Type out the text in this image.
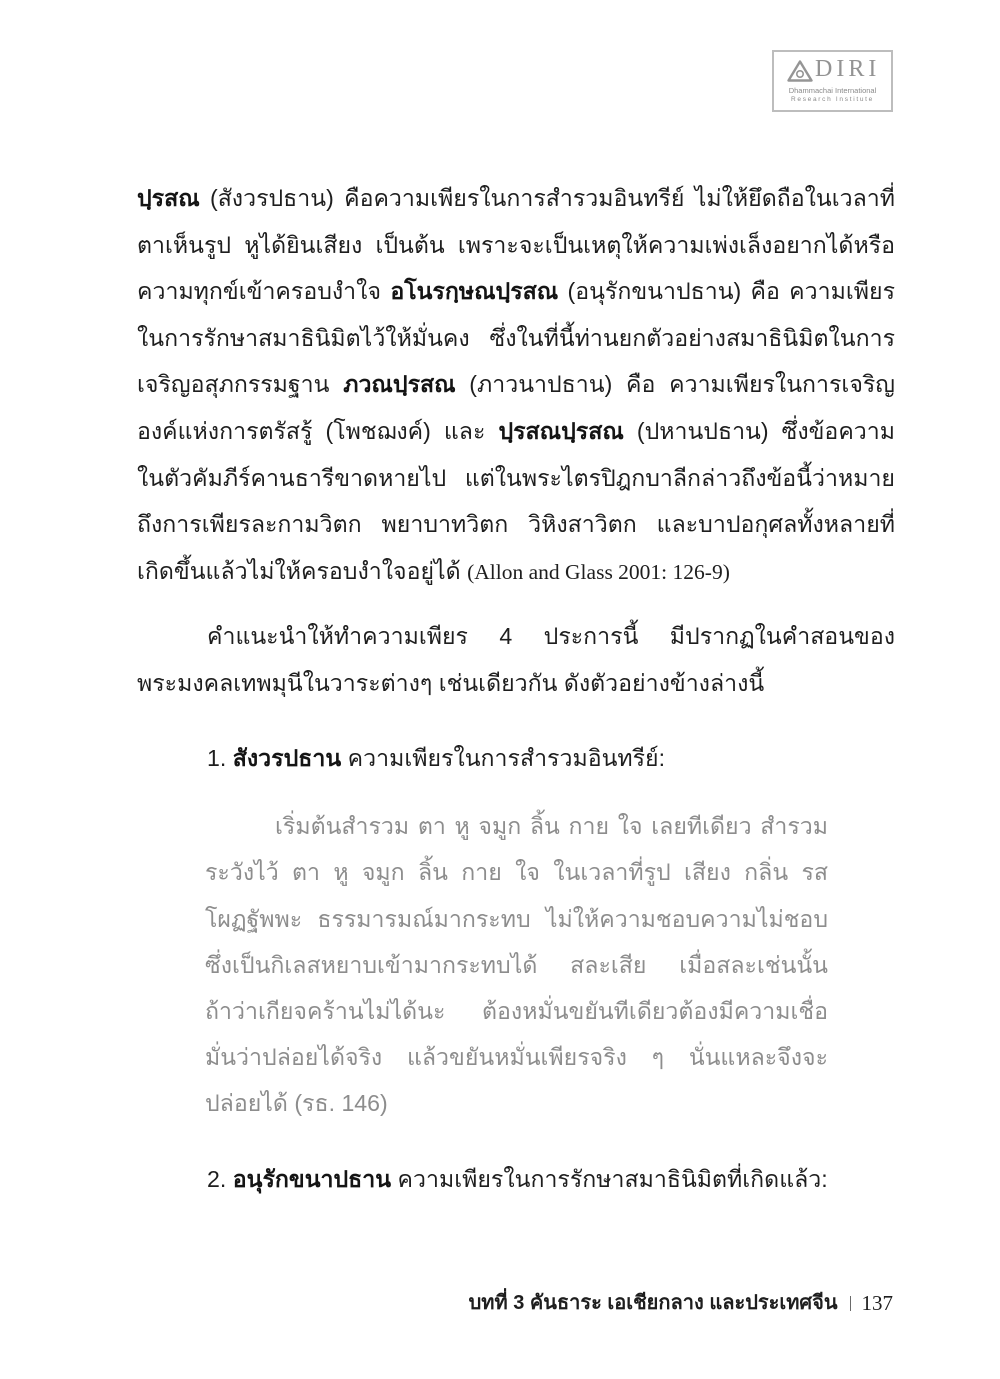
DIRI
Dhammachai International
Research Institute
ปฺรสณ (สังวรปธาน) คือความเพียรในการสำรวมอินทรีย์ ไม่ให้ยึดถือในเวลาที่
ตาเห็นรูป หูได้ยินเสียง เป็นต้น เพราะจะเป็นเหตุให้ความเพ่งเล็งอยากได้หรือ
ความทุกข์เข้าครอบงำใจ อโนรกฺษณปฺรสณ (อนุรักขนาปธาน) คือ ความเพียร
ในการรักษาสมาธินิมิตไว้ให้มั่นคง ซึ่งในที่นี้ท่านยกตัวอย่างสมาธินิมิตในการ
เจริญอสุภกรรมฐาน ภวณปฺรสณ (ภาวนาปธาน) คือ ความเพียรในการเจริญ
องค์แห่งการตรัสรู้ (โพชฌงค์) และ ปฺรสณปฺรสณ (ปหานปธาน) ซึ่งข้อความ
ในตัวคัมภีร์คานธารีขาดหายไป แต่ในพระไตรปิฎกบาลีกล่าวถึงข้อนี้ว่าหมาย
ถึงการเพียรละกามวิตก พยาบาทวิตก วิหิงสาวิตก และบาปอกุศลทั้งหลายที่
เกิดขึ้นแล้วไม่ให้ครอบงำใจอยู่ได้ (Allon and Glass 2001: 126-9)
คำแนะนำให้ทำความเพียร 4 ประการนี้ มีปรากฏในคำสอนของ
พระมงคลเทพมุนีในวาระต่างๆ เช่นเดียวกัน ดังตัวอย่างข้างล่างนี้
1. สังวรปธาน ความเพียรในการสำรวมอินทรีย์:
เริ่มต้นสำรวม ตา หู จมูก ลิ้น กาย ใจ เลยทีเดียว สำรวม
ระวังไว้ ตา หู จมูก ลิ้น กาย ใจ ในเวลาที่รูป เสียง กลิ่น รส
โผฏฐัพพะ ธรรมารมณ์มากระทบ ไม่ให้ความชอบความไม่ชอบ
ซึ่งเป็นกิเลสหยาบเข้ามากระทบได้ สละเสีย เมื่อสละเช่นนั้น
ถ้าว่าเกียจคร้านไม่ได้นะ ต้องหมั่นขยันทีเดียวต้องมีความเชื่อ
มั่นว่าปล่อยได้จริง แล้วขยันหมั่นเพียรจริง ๆ นั่นแหละจึงจะ
ปล่อยได้ (รธ. 146)
2. อนุรักขนาปธาน ความเพียรในการรักษาสมาธินิมิตที่เกิดแล้ว:
บทที่ 3 คันธาระ เอเชียกลาง และประเทศจีน 137
